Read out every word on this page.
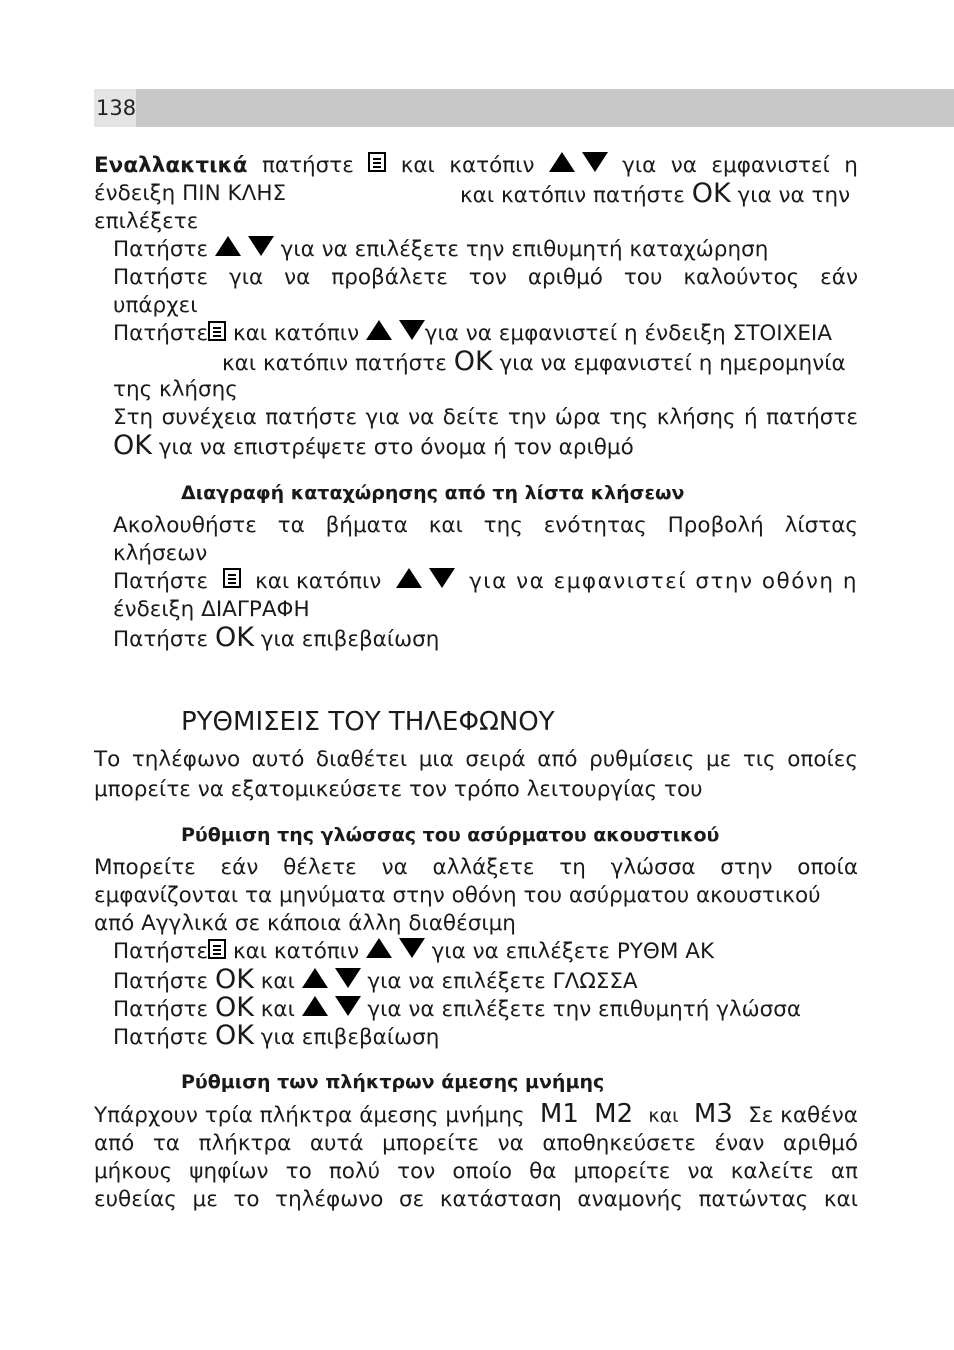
138
Εναλλακτικά πατήστε και κατόπιν
	για να εμφανιστεί η
ένδειξη ΠΙΝ ΚΛΗΣ	και κατόπιν πατήστε OK για να την
επιλέξετε
Πατήστε	για να επιλέξετε την επιθυμητή καταχώρηση
Πατήστε για να προβάλετε τον αριθμό του καλούντος εάν
υπάρχει
Πατήστε και κατόπιν	για να εμφανιστεί η ένδειξη ΣΤΟΙΧΕΙΑ
και κατόπιν πατήστε OK για να εμφανιστεί η ημερομηνία
της κλήσης
Στη συνέχεια πατήστε για να δείτε την ώρα της κλήσης ή πατήστε
OK για να επιστρέψετε στο όνομα ή τον αριθμό
Διαγραφή καταχώρησης από τη λίστα κλήσεων
Ακολουθήστε τα βήματα και της ενότητας Προβολή λίστας
κλήσεων
Πατήστε και κατόπιν
	για να εμφανιστεί στην οθόνη η
ένδειξη ΔΙΑΓΡΑΦΗ
Πατήστε OK για επιβεβαίωση
ΡΥΘΜΙΣΕΙΣ ΤΟΥ ΤΗΛΕΦΩΝΟΥ
Το τηλέφωνο αυτό διαθέτει μια σειρά από ρυθμίσεις με τις οποίες
μπορείτε να εξατομικεύσετε τον τρόπο λειτουργίας του
Ρύθμιση της γλώσσας του ασύρματου ακουστικού
Μπορείτε εάν θέλετε να αλλάξετε τη γλώσσα στην οποία
εμφανίζονται τα μηνύματα στην οθόνη του ασύρματου ακουστικού
από Αγγλικά σε κάποια άλλη διαθέσιμη
Πατήστε και κατόπιν	για να επιλέξετε ΡΥΘΜ ΑΚ
Πατήστε OK και	για να επιλέξετε ΓΛΩΣΣΑ
Πατήστε OK και	για να επιλέξετε την επιθυμητή γλώσσα
Πατήστε OK για επιβεβαίωση
Ρύθμιση των πλήκτρων άμεσης μνήμης
Υπάρχουν τρία πλήκτρα άμεσης μνήμης M1 M2 και M3 Σε καθένα
από τα πλήκτρα αυτά μπορείτε να αποθηκεύσετε έναν αριθμό
μήκους ψηφίων το πολύ τον οποίο θα μπορείτε να καλείτε απ
ευθείας με το τηλέφωνο σε κατάσταση αναμονής πατώντας και
